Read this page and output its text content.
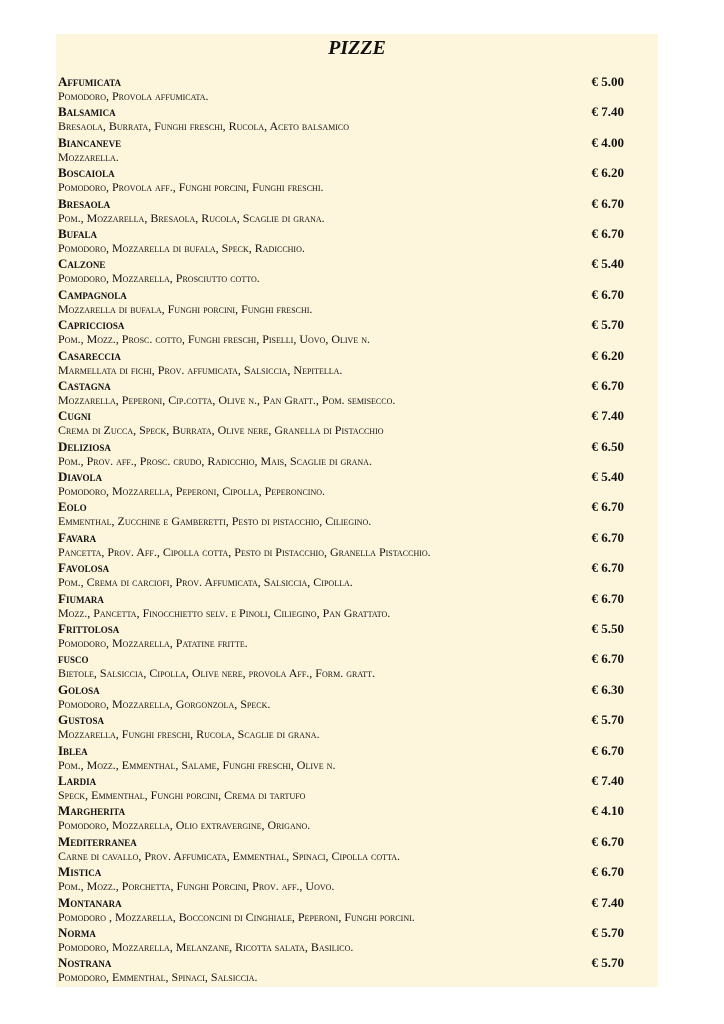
PIZZE
Affumicata	€ 5.00
Pomodoro, Provola affumicata.
Balsamica	€ 7.40
Bresaola, Burrata, Funghi freschi, Rucola, Aceto balsamico
Biancaneve	€ 4.00
Mozzarella.
Boscaiola	€ 6.20
Pomodoro, Provola aff., Funghi porcini, Funghi freschi.
Bresaola	€ 6.70
Pom., Mozzarella, Bresaola, Rucola, Scaglie di grana.
Bufala	€ 6.70
Pomodoro, Mozzarella di bufala, Speck, Radicchio.
Calzone	€ 5.40
Pomodoro, Mozzarella, Prosciutto cotto.
Campagnola	€ 6.70
Mozzarella di bufala, Funghi porcini, Funghi freschi.
Capricciosa	€ 5.70
Pom., Mozz., Prosc. cotto, Funghi freschi, Piselli, Uovo, Olive n.
Casareccia	€ 6.20
Marmellata di fichi, Prov. affumicata, Salsiccia, Nepitella.
Castagna	€ 6.70
Mozzarella, Peperoni, Cip.cotta, Olive n., Pan Gratt., Pom. semisecco.
Cugni	€ 7.40
Crema di Zucca, Speck, Burrata, Olive nere, Granella di Pistacchio
Deliziosa	€ 6.50
Pom., Prov. aff., Prosc. crudo, Radicchio, Mais, Scaglie di grana.
Diavola	€ 5.40
Pomodoro, Mozzarella, Peperoni, Cipolla, Peperoncino.
Eolo	€ 6.70
Emmenthal, Zucchine e Gamberetti, Pesto di pistacchio, Ciliegino.
Favara	€ 6.70
Pancetta, Prov. Aff., Cipolla cotta, Pesto di Pistacchio, Granella Pistacchio.
Favolosa	€ 6.70
Pom., Crema di carciofi, Prov. Affumicata, Salsiccia, Cipolla.
Fiumara	€ 6.70
Mozz., Pancetta, Finocchietto selv. e Pinoli, Ciliegino, Pan Grattato.
Frittolosa	€ 5.50
Pomodoro, Mozzarella, Patatine fritte.
fusco	€ 6.70
Bietole, Salsiccia, Cipolla, Olive nere, provola Aff., Form. gratt.
Golosa	€ 6.30
Pomodoro, Mozzarella, Gorgonzola, Speck.
Gustosa	€ 5.70
Mozzarella, Funghi freschi, Rucola, Scaglie di grana.
Iblea	€ 6.70
Pom., Mozz., Emmenthal, Salame, Funghi freschi, Olive n.
Lardia	€ 7.40
Speck, Emmenthal, Funghi porcini, Crema di tartufo
Margherita	€ 4.10
Pomodoro, Mozzarella, Olio extravergine, Origano.
Mediterranea	€ 6.70
Carne di cavallo, Prov. Affumicata, Emmenthal, Spinaci, Cipolla cotta.
Mistica	€ 6.70
Pom., Mozz., Porchetta, Funghi Porcini, Prov. aff., Uovo.
Montanara	€ 7.40
Pomodoro , Mozzarella, Bocconcini di Cinghiale, Peperoni, Funghi porcini.
Norma	€ 5.70
Pomodoro, Mozzarella, Melanzane, Ricotta salata, Basilico.
Nostrana	€ 5.70
Pomodoro, Emmenthal, Spinaci, Salsiccia.
